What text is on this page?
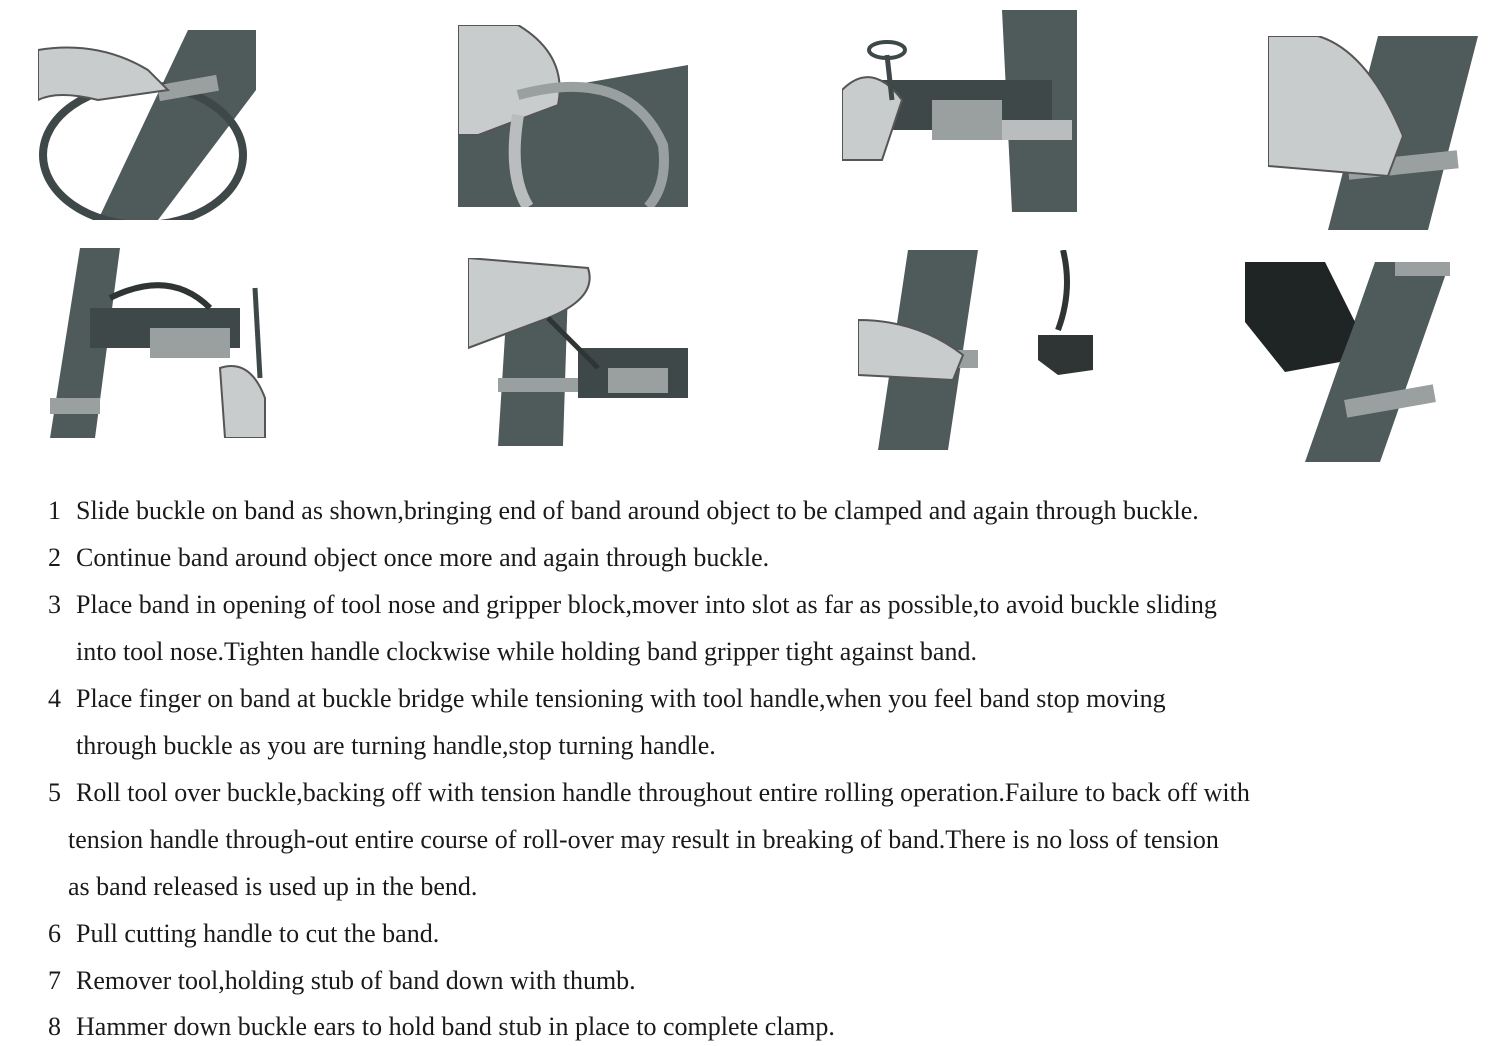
1 Slide buckle on band as shown,bringing end of band around object to be clamped and again through buckle.
2 Continue band around object once more and again through buckle.
3 Place band in opening of tool nose and gripper block,mover into slot as far as possible,to avoid buckle sliding
into tool nose.Tighten handle clockwise while holding band gripper tight against band.
4 Place finger on band at buckle bridge while tensioning with tool handle,when you feel band stop moving
through buckle as you are turning handle,stop turning handle.
5 Roll tool over buckle,backing off with tension handle throughout entire rolling operation.Failure to back off with
tension handle through-out entire course of roll-over may result in breaking of band.There is no loss of tension
as band released is used up in the bend.
6 Pull cutting handle to cut the band.
7 Remover tool,holding stub of band down with thumb.
8 Hammer down buckle ears to hold band stub in place to complete clamp.
